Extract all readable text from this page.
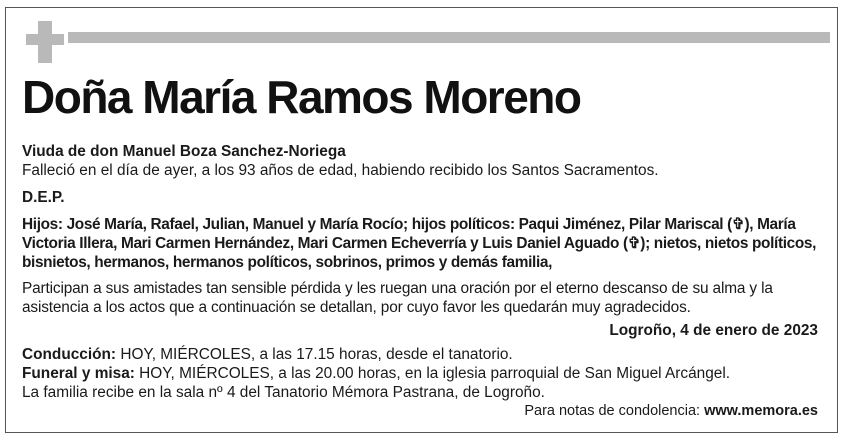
Doña María Ramos Moreno

Viuda de don Manuel Boza Sanchez-Noriega

Falleció en el día de ayer, a los 93 años de edad, habiendo recibido los Santos Sacramentos.

D.E.P.

Hijos: José María, Rafael, Julian, Manuel y María Rocío; hijos políticos: Paqui Jiménez, Pilar Mariscal (✞), María Victoria Illera, Mari Carmen Hernández, Mari Carmen Echeverría y Luis Daniel Aguado (✞); nietos, nietos políticos, bisnietos, hermanos, hermanos políticos, sobrinos, primos y demás familia,

Participan a sus amistades tan sensible pérdida y les ruegan una oración por el eterno descanso de su alma y la asistencia a los actos que a continuación se detallan, por cuyo favor les quedarán muy agradecidos.

Logroño, 4 de enero de 2023

Conducción: HOY, MIÉRCOLES, a las 17.15 horas, desde el tanatorio.

Funeral y misa: HOY, MIÉRCOLES, a las 20.00 horas, en la iglesia parroquial de San Miguel Arcángel.

La familia recibe en la sala nº 4 del Tanatorio Mémora Pastrana, de Logroño.

Para notas de condolencia: www.memora.es
